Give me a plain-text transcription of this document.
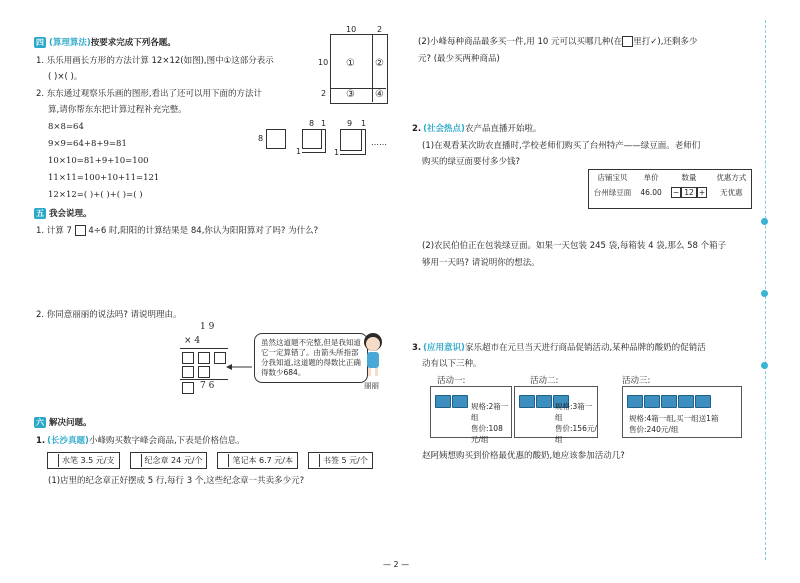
四 (算理算法)按要求完成下列各题。
1. 乐乐用画长方形的方法计算 12×12(如图),图中①这部分表示
( )×( )。
2. 东东通过观察乐乐画的图形,看出了还可以用下面的方法计
算,请你帮东东把计算过程补充完整。
10	2
10
2
① ②
③ ④
8×8=64
9×9=64+8+9=81
10×10=81+9+10=100
11×11=100+10+11=121
12×12=( )+( )+( )=( )
8
8 1
1
9 1
1
……
五 我会说理。
1. 计算 7 4÷6 时,阳阳的计算结果是 84,你认为阳阳算对了吗? 为什么?
2. 你同意丽丽的说法吗? 请说明理由。
1 9
× 4
7 6
虽然这道题不完整,但是我知道它一定算错了。由箭头所指部分我知道,这道题的得数比正确得数少684。
丽丽
六 解决问题。
1. (长沙真题)小峰购买数字峰会商品,下表是价格信息。
水笔 3.5 元/支	纪念章 24 元/个	笔记本 6.7 元/本	书签 5 元/个
(1)店里的纪念章正好摆成 5 行,每行 3 个,这些纪念章一共卖多少元?
(2)小峰每种商品最多买一件,用 10 元可以买哪几种(在 里打✓),还剩多少
元? (最少买两种商品)
2. (社会热点)农产品直播开始啦。
(1)在观看某次助农直播时,学校老师们购买了台州特产——绿豆面。老师们
购买的绿豆面要付多少钱?
店铺宝贝	单价	数量	优惠方式
台州绿豆面	46.00	− 12 +	无优惠
(2)农民伯伯正在包装绿豆面。如果一天包装 245 袋,每箱装 4 袋,那么 58 个箱子
够用一天吗? 请说明你的想法。
3. (应用意识)家乐超市在元旦当天进行商品促销活动,某种品牌的酸奶的促销活
动有以下三种。
活动一:	活动二:	活动三:
规格:2箱一组
售价:108元/组
规格:3箱一组
售价:156元/组
规格:4箱一组,买一组送1箱
售价:240元/组
赵阿姨想购买到价格最优惠的酸奶,她应该参加活动几?
— 2 —
